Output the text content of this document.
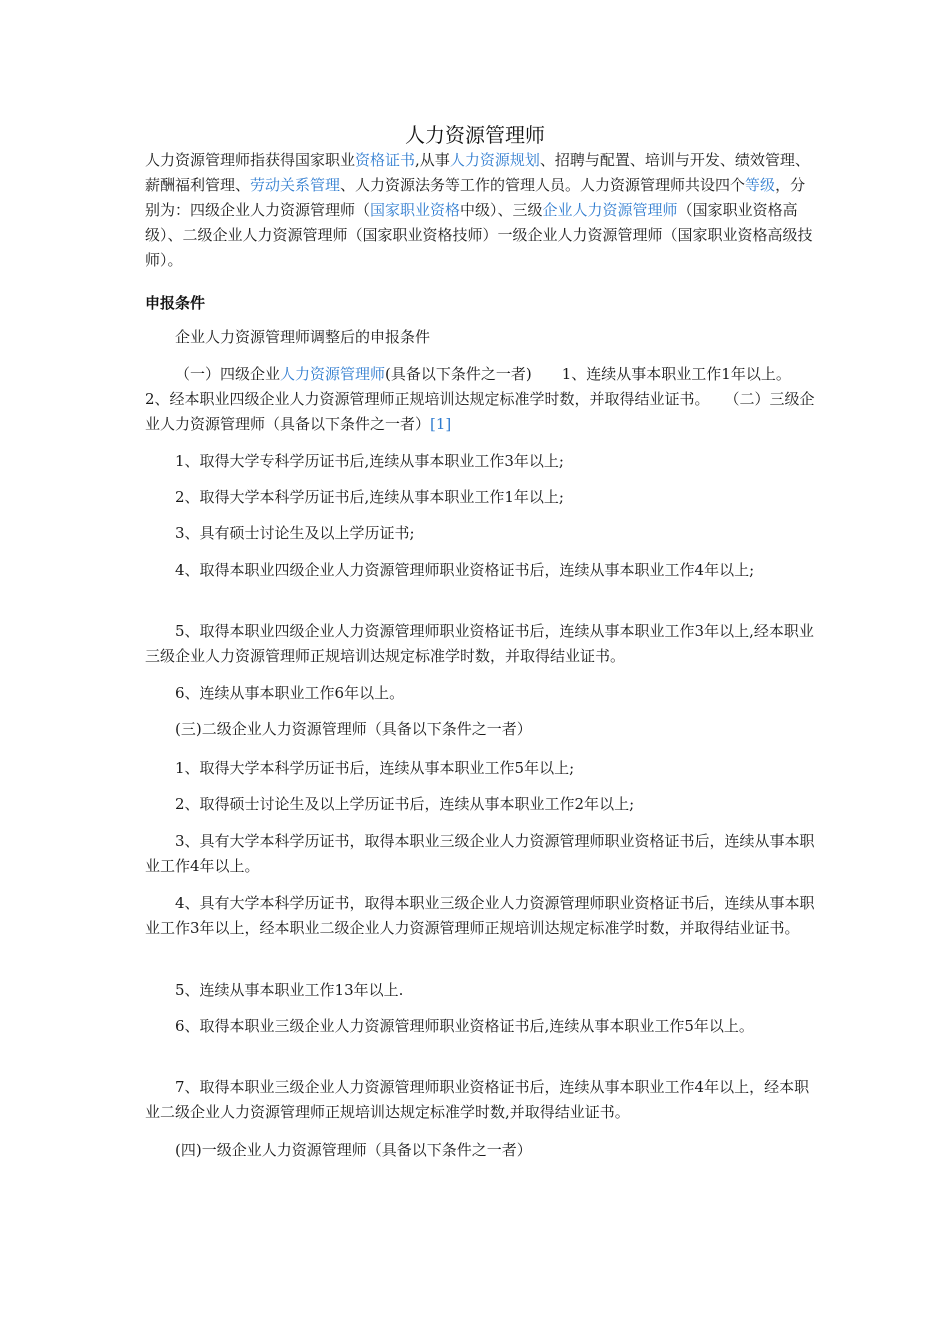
人力资源管理师
人力资源管理师指获得国家职业资格证书,从事人力资源规划、招聘与配置、培训与开发、绩效管理、薪酬福利管理、劳动关系管理、人力资源法务等工作的管理人员。人力资源管理师共设四个等级，分别为：四级企业人力资源管理师（国家职业资格中级）、三级企业人力资源管理师（国家职业资格高级）、二级企业人力资源管理师（国家职业资格技师）一级企业人力资源管理师（国家职业资格高级技师）。
申报条件
企业人力资源管理师调整后的申报条件
（一）四级企业人力资源管理师(具备以下条件之一者)　　1、连续从事本职业工作1年以上。　　2、经本职业四级企业人力资源管理师正规培训达规定标准学时数，并取得结业证书。　　（二）三级企业人力资源管理师（具备以下条件之一者）[1]
1、取得大学专科学历证书后,连续从事本职业工作3年以上;
2、取得大学本科学历证书后,连续从事本职业工作1年以上;
3、具有硕士讨论生及以上学历证书;
4、取得本职业四级企业人力资源管理师职业资格证书后，连续从事本职业工作4年以上;
5、取得本职业四级企业人力资源管理师职业资格证书后，连续从事本职业工作3年以上,经本职业三级企业人力资源管理师正规培训达规定标准学时数，并取得结业证书。
6、连续从事本职业工作6年以上。
(三)二级企业人力资源管理师（具备以下条件之一者）
1、取得大学本科学历证书后，连续从事本职业工作5年以上;
2、取得硕士讨论生及以上学历证书后，连续从事本职业工作2年以上;
3、具有大学本科学历证书，取得本职业三级企业人力资源管理师职业资格证书后，连续从事本职业工作4年以上。
4、具有大学本科学历证书，取得本职业三级企业人力资源管理师职业资格证书后，连续从事本职业工作3年以上，经本职业二级企业人力资源管理师正规培训达规定标准学时数，并取得结业证书。
5、连续从事本职业工作13年以上.
6、取得本职业三级企业人力资源管理师职业资格证书后,连续从事本职业工作5年以上。
7、取得本职业三级企业人力资源管理师职业资格证书后，连续从事本职业工作4年以上，经本职业二级企业人力资源管理师正规培训达规定标准学时数,并取得结业证书。
(四)一级企业人力资源管理师（具备以下条件之一者）
